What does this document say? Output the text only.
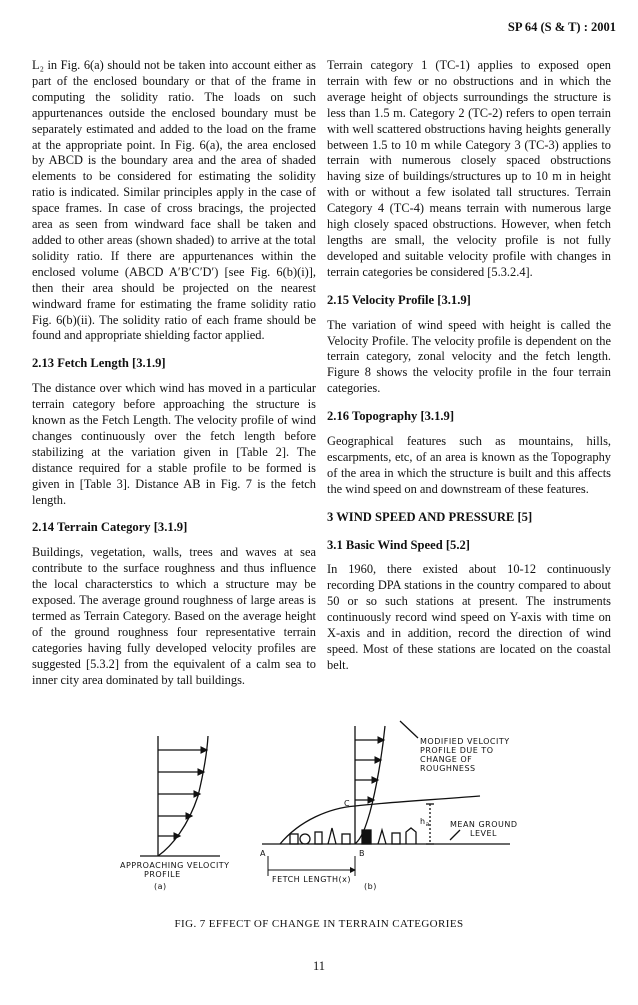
SP 64 (S & T) : 2001

L₂ in Fig. 6(a) should not be taken into account either as part of the enclosed boundary or that of the frame in computing the solidity ratio. The loads on such appurtenances outside the enclosed boundary must be separately estimated and added to the load on the frame at the appropriate point. In Fig. 6(a), the area enclosed by ABCD is the boundary area and the area of shaded elements to be considered for estimating the solidity ratio is indicated. Similar principles apply in the case of space frames. In case of cross bracings, the projected area as seen from windward face shall be taken and added to other areas (shown shaded) to arrive at the total solidity ratio. If there are appurtenances within the enclosed volume (ABCD A′B′C′D′) [see Fig. 6(b)(i)], then their area should be projected on the nearest windward frame for estimating the frame solidity ratio Fig. 6(b)(ii). The solidity ratio of each frame should be found and appropriate shielding factor applied.

2.13 Fetch Length [3.1.9]

The distance over which wind has moved in a particular terrain category before approaching the structure is known as the Fetch Length. The velocity profile of wind changes continuously over the fetch length before stabilizing at the variation given in [Table 2]. The distance required for a stable profile to be formed is given in [Table 3]. Distance AB in Fig. 7 is the fetch length.

2.14 Terrain Category [3.1.9]

Buildings, vegetation, walls, trees and waves at sea contribute to the surface roughness and thus influence the local characterstics to which a structure may be exposed. The average ground roughness of large areas is termed as Terrain Category. Based on the average height of the ground roughness four representative terrain categories having fully developed velocity profiles are suggested [5.3.2] from the equivalent of a calm sea to inner city area dominated by tall buildings.

Terrain category 1 (TC-1) applies to exposed open terrain with few or no obstructions and in which the average height of objects surroundings the structure is less than 1.5 m. Category 2 (TC-2) refers to open terrain with well scattered obstructions having heights generally between 1.5 to 10 m while Category 3 (TC-3) applies to terrain with numerous closely spaced obstructions having size of buildings/structures up to 10 m in height with or without a few isolated tall structures. Terrain Category 4 (TC-4) means terrain with numerous large high closely spaced obstructions. However, when fetch lengths are small, the velocity profile is not fully developed and suitable velocity profile with changes in terrain categories be considered [5.3.2.4].

2.15 Velocity Profile [3.1.9]

The variation of wind speed with height is called the Velocity Profile. The velocity profile is dependent on the terrain category, zonal velocity and the fetch length. Figure 8 shows the velocity profile in the four terrain categories.

2.16 Topography [3.1.9]

Geographical features such as mountains, hills, escarpments, etc, of an area is known as the Topography of the area in which the structure is built and this affects the wind speed on and downstream of these features.

3 WIND SPEED AND PRESSURE [5]
3.1 Basic Wind Speed [5.2]

In 1960, there existed about 10-12 continuously recording DPA stations in the country compared to about 50 or so such stations at present. The instruments continuously record wind speed on Y-axis with time on X-axis and in addition, record the direction of wind speed. Most of these stations are located on the coastal belt.

APPROACHING VELOCITY
PROFILE
(a)
A	B
C
FETCH LENGTH(x)
(b)
$h_a$
MODIFIED VELOCITY
PROFILE DUE TO
CHANGE OF
ROUGHNESS
MEAN GROUND
LEVEL
FIG. 7 EFFECT OF CHANGE IN TERRAIN CATEGORIES
11
